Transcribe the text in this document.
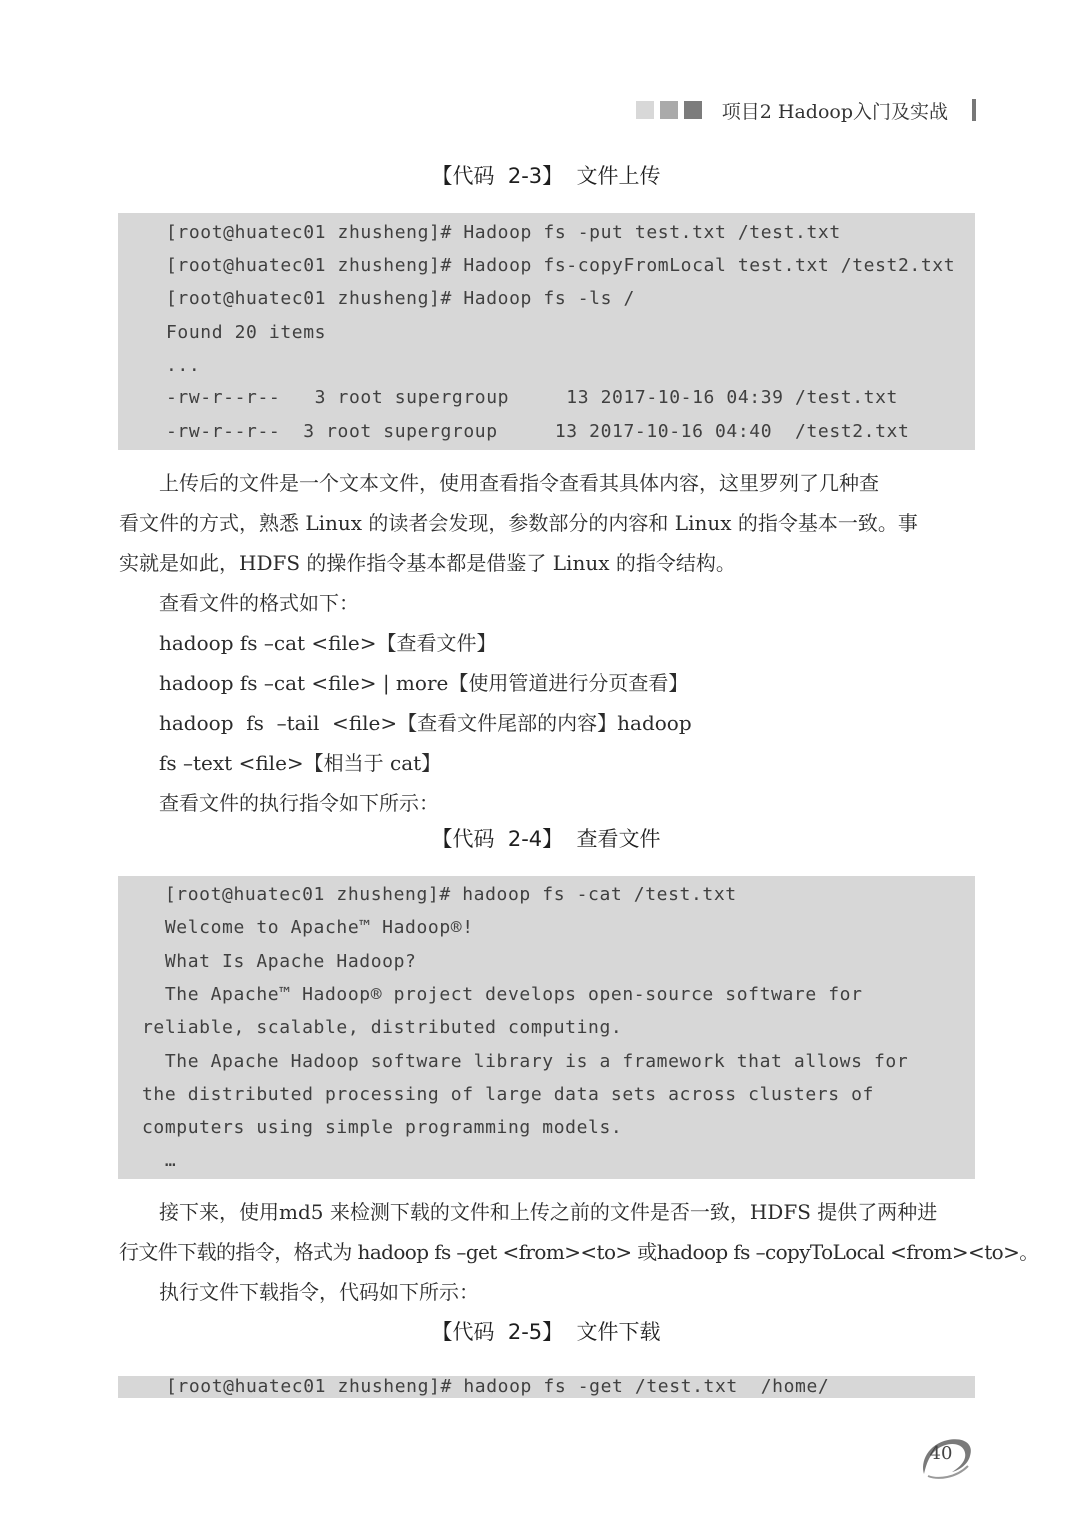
项目2 Hadoop入门及实战
【代码  2-3】  文件上传
[root@huatec01 zhusheng]# Hadoop fs -put test.txt /test.txt
[root@huatec01 zhusheng]# Hadoop fs-copyFromLocal test.txt /test2.txt
[root@huatec01 zhusheng]# Hadoop fs -ls /
Found 20 items
...
-rw-r--r--   3 root supergroup     13 2017-10-16 04:39 /test.txt
-rw-r--r--  3 root supergroup     13 2017-10-16 04:40  /test2.txt
　　上传后的文件是一个文本文件，使用查看指令查看其具体内容，这里罗列了几种查
看文件的方式，熟悉 Linux 的读者会发现，参数部分的内容和 Linux 的指令基本一致。事
实就是如此，HDFS 的操作指令基本都是借鉴了 Linux 的指令结构。
　　查看文件的格式如下：
　　hadoop fs –cat <file>【查看文件】
　　hadoop fs –cat <file> | more【使用管道进行分页查看】
　　hadoop  fs  –tail  <file>【查看文件尾部的内容】hadoop
　　fs –text <file>【相当于 cat】
　　查看文件的执行指令如下所示：
【代码  2-4】  查看文件
[root@huatec01 zhusheng]# hadoop fs -cat /test.txt
Welcome to Apache™ Hadoop®!
What Is Apache Hadoop?
The Apache™ Hadoop® project develops open-source software for
reliable, scalable, distributed computing.
The Apache Hadoop software library is a framework that allows for
the distributed processing of large data sets across clusters of
computers using simple programming models.
…
　　接下来，使用md5 来检测下载的文件和上传之前的文件是否一致，HDFS 提供了两种进
行文件下载的指令，格式为 hadoop fs –get <from><to> 或hadoop fs –copyToLocal <from><to>。
　　执行文件下载指令，代码如下所示：
【代码  2-5】  文件下载
[root@huatec01 zhusheng]# hadoop fs -get /test.txt  /home/
40
